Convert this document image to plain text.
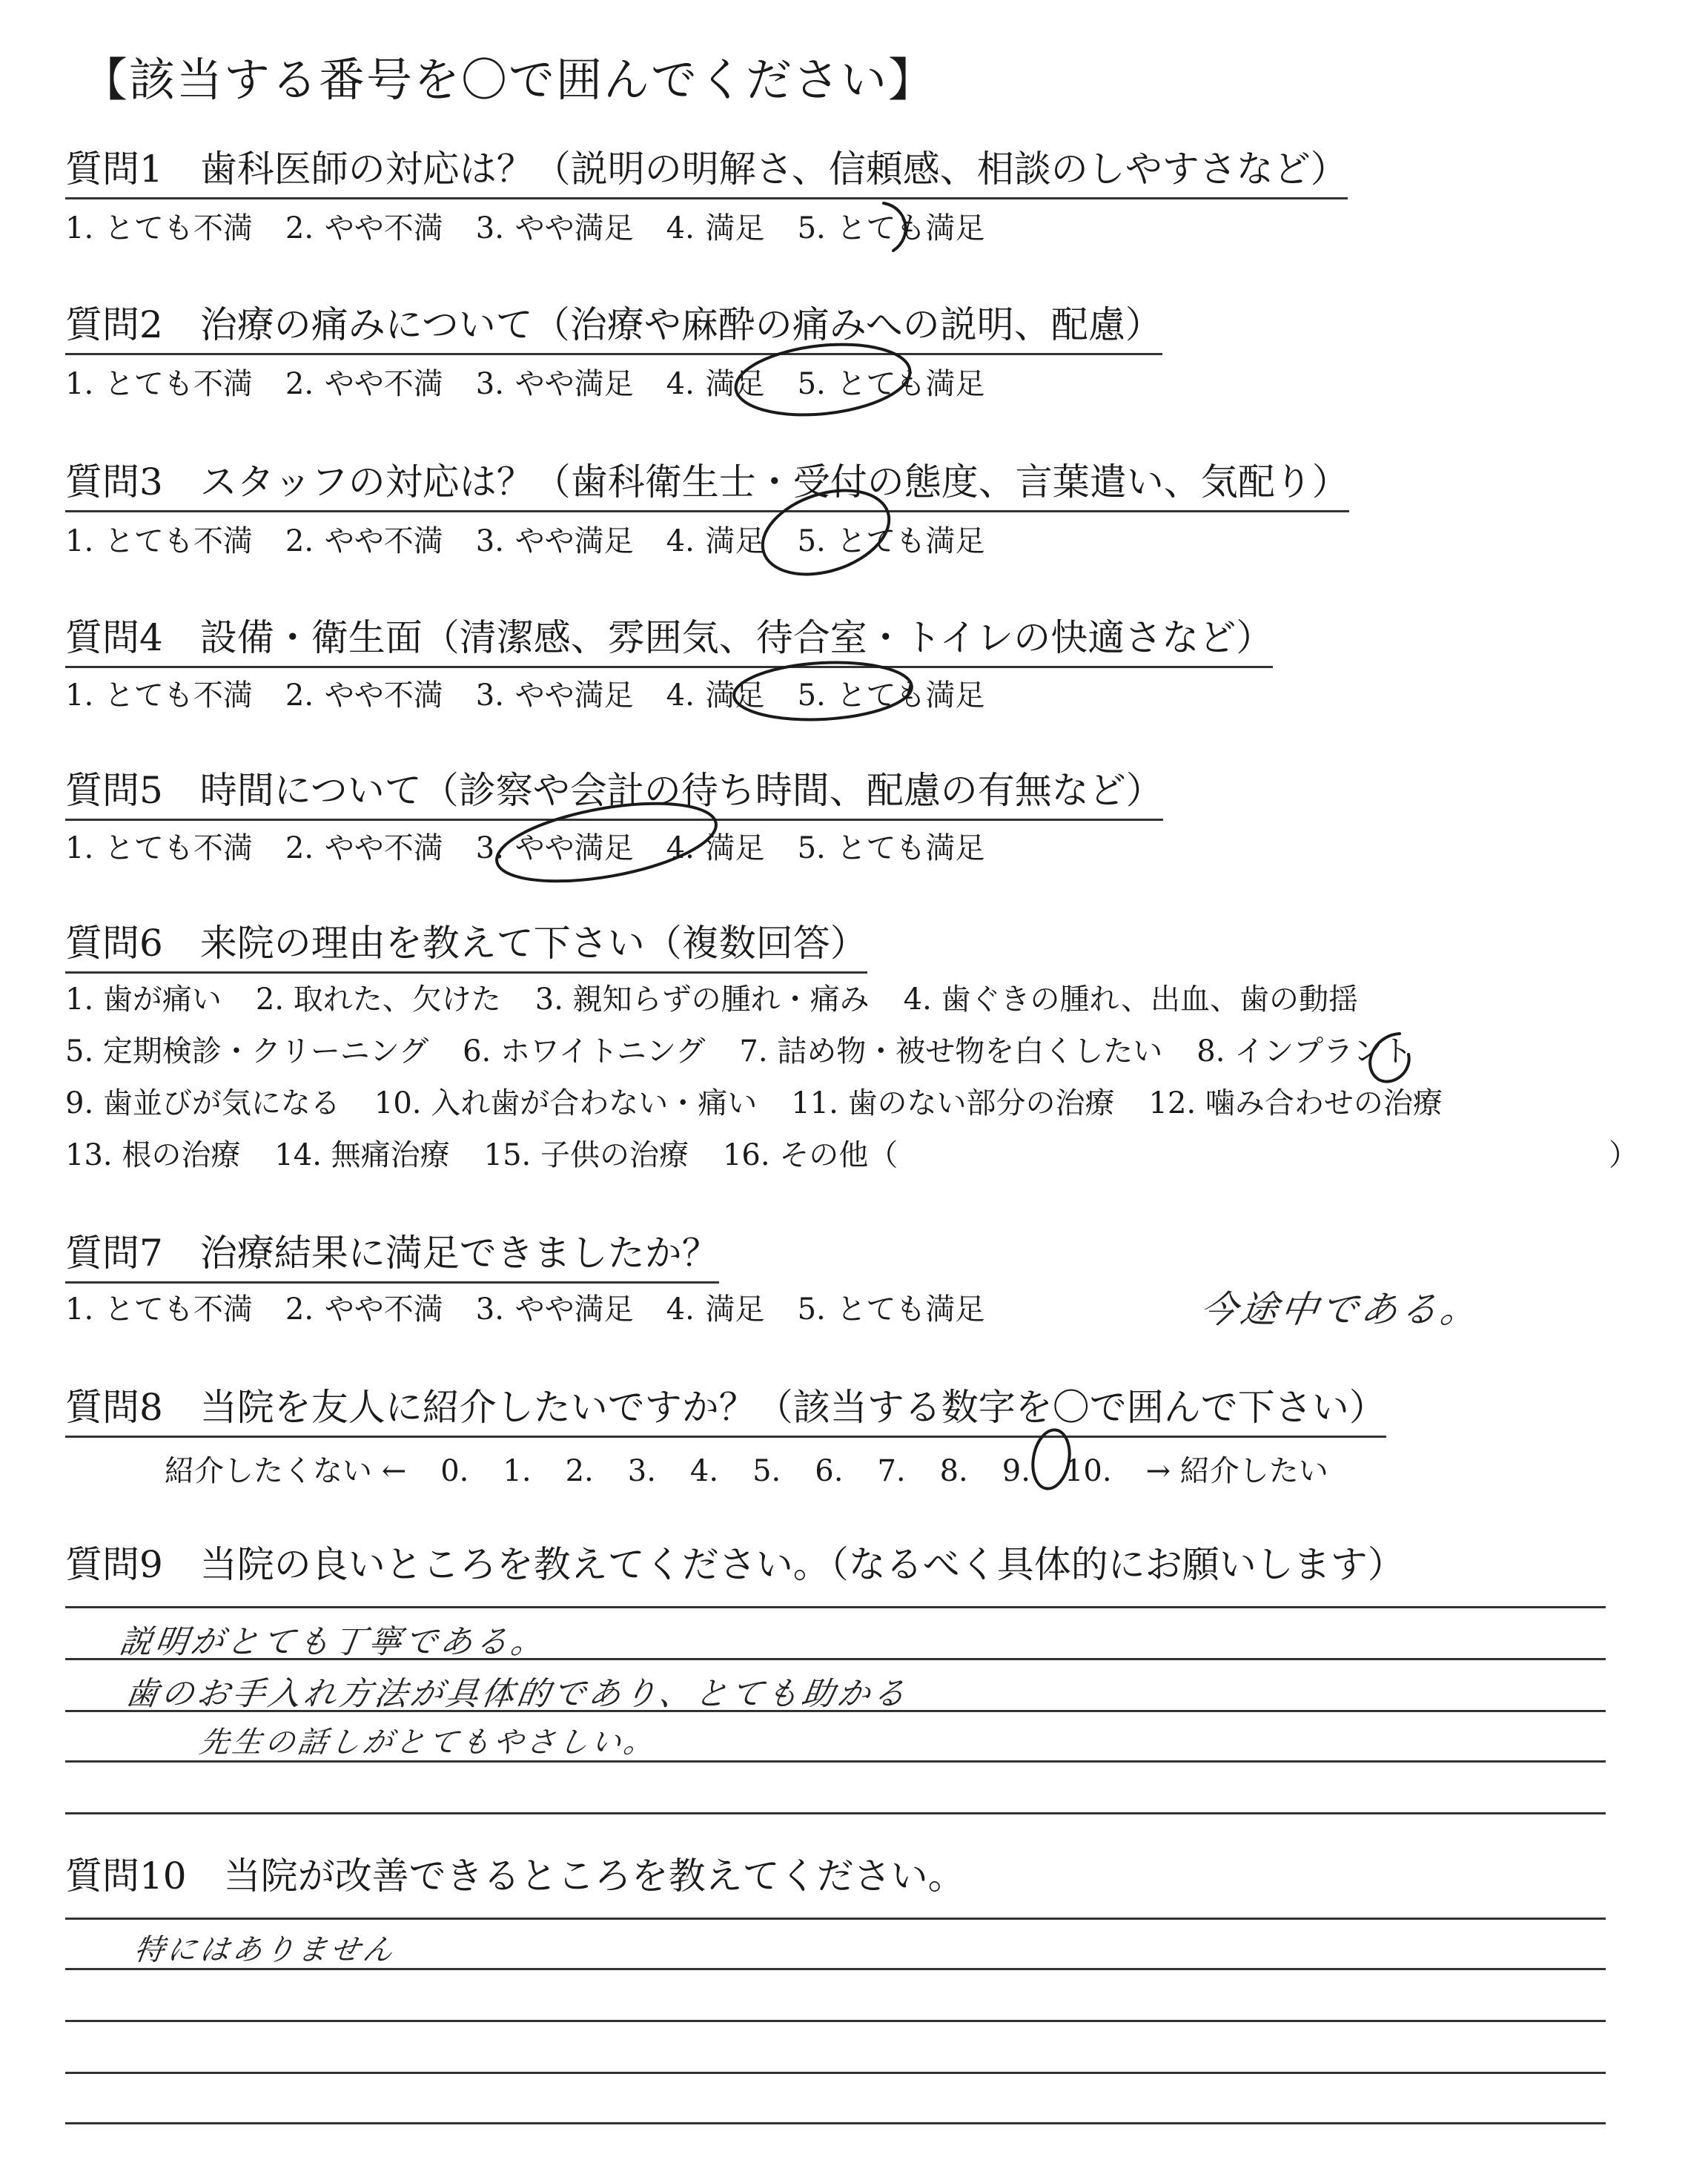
【該当する番号を〇で囲んでください】
質問1　歯科医師の対応は？（説明の明解さ、信頼感、相談のしやすさなど）
1. とても不満 2. やや不満 3. やや満足 4. 満足 5. とても満足
質問2　治療の痛みについて（治療や麻酔の痛みへの説明、配慮）
1. とても不満 2. やや不満 3. やや満足 4. 満足 5. とても満足
質問3　スタッフの対応は？（歯科衛生士・受付の態度、言葉遣い、気配り）
1. とても不満 2. やや不満 3. やや満足 4. 満足 5. とても満足
質問4　設備・衛生面（清潔感、雰囲気、待合室・トイレの快適さなど）
1. とても不満 2. やや不満 3. やや満足 4. 満足 5. とても満足
質問5　時間について（診察や会計の待ち時間、配慮の有無など）
1. とても不満 2. やや不満 3. やや満足 4. 満足 5. とても満足
質問6　来院の理由を教えて下さい（複数回答）
1. 歯が痛い 2. 取れた、欠けた 3. 親知らずの腫れ・痛み 4. 歯ぐきの腫れ、出血、歯の動揺
5. 定期検診・クリーニング 6. ホワイトニング 7. 詰め物・被せ物を白くしたい 8. インプラント
9. 歯並びが気になる 10. 入れ歯が合わない・痛い 11. 歯のない部分の治療 12. 噛み合わせの治療
13. 根の治療 14. 無痛治療 15. 子供の治療 16. その他（	）
質問7　治療結果に満足できましたか？
1. とても不満 2. やや不満 3. やや満足 4. 満足 5. とても満足	今途中である。
質問8　当院を友人に紹介したいですか？（該当する数字を〇で囲んで下さい）
紹介したくない ← 0. 1. 2. 3. 4. 5. 6. 7. 8. 9. 10. → 紹介したい
質問9　当院の良いところを教えてください。（なるべく具体的にお願いします）
説明がとても丁寧である。
歯のお手入れ方法が具体的であり、とても助かる
先生の話しがとてもやさしい。
質問10　当院が改善できるところを教えてください。
特にはありません
